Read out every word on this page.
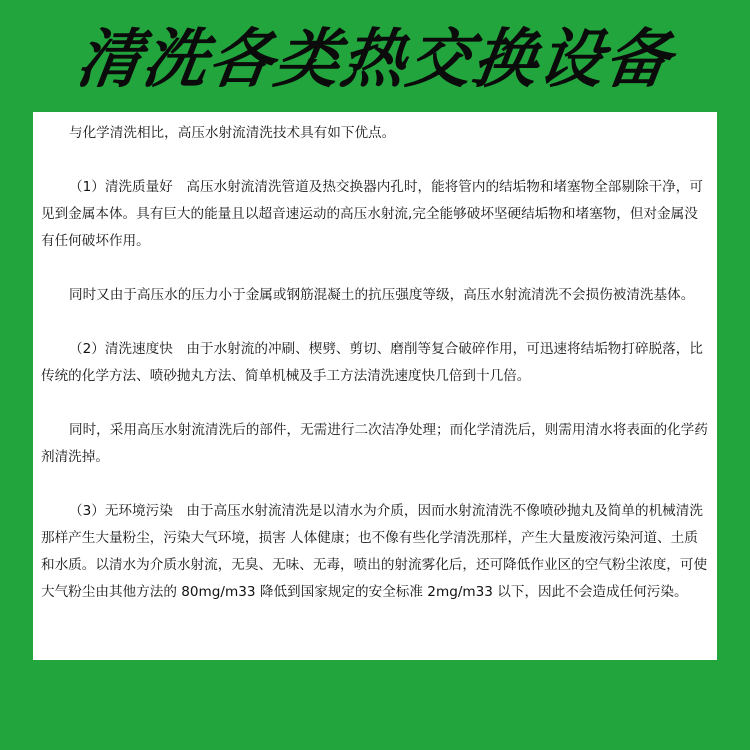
清洗各类热交换设备

与化学清洗相比，高压水射流清洗技术具有如下优点。

（1）清洗质量好　高压水射流清洗管道及热交换器内孔时，能将管内的结垢物和堵塞物全部剔除干净，可见到金属本体。具有巨大的能量且以超音速运动的高压水射流,完全能够破坏坚硬结垢物和堵塞物，但对金属没有任何破坏作用。

同时又由于高压水的压力小于金属或钢筋混凝土的抗压强度等级，高压水射流清洗不会损伤被清洗基体。

（2）清洗速度快　由于水射流的冲刷、楔劈、剪切、磨削等复合破碎作用，可迅速将结垢物打碎脱落，比传统的化学方法、喷砂抛丸方法、简单机械及手工方法清洗速度快几倍到十几倍。

同时，采用高压水射流清洗后的部件，无需进行二次洁净处理；而化学清洗后，则需用清水将表面的化学药剂清洗掉。

（3）无环境污染　由于高压水射流清洗是以清水为介质，因而水射流清洗不像喷砂抛丸及简单的机械清洗那样产生大量粉尘，污染大气环境，损害 人体健康；也不像有些化学清洗那样，产生大量废液污染河道、土质和水质。以清水为介质水射流，无臭、无味、无毒，喷出的射流雾化后，还可降低作业区的空气粉尘浓度，可使大气粉尘由其他方法的 80mg/m33 降低到国家规定的安全标准 2mg/m33 以下，因此不会造成任何污染。
